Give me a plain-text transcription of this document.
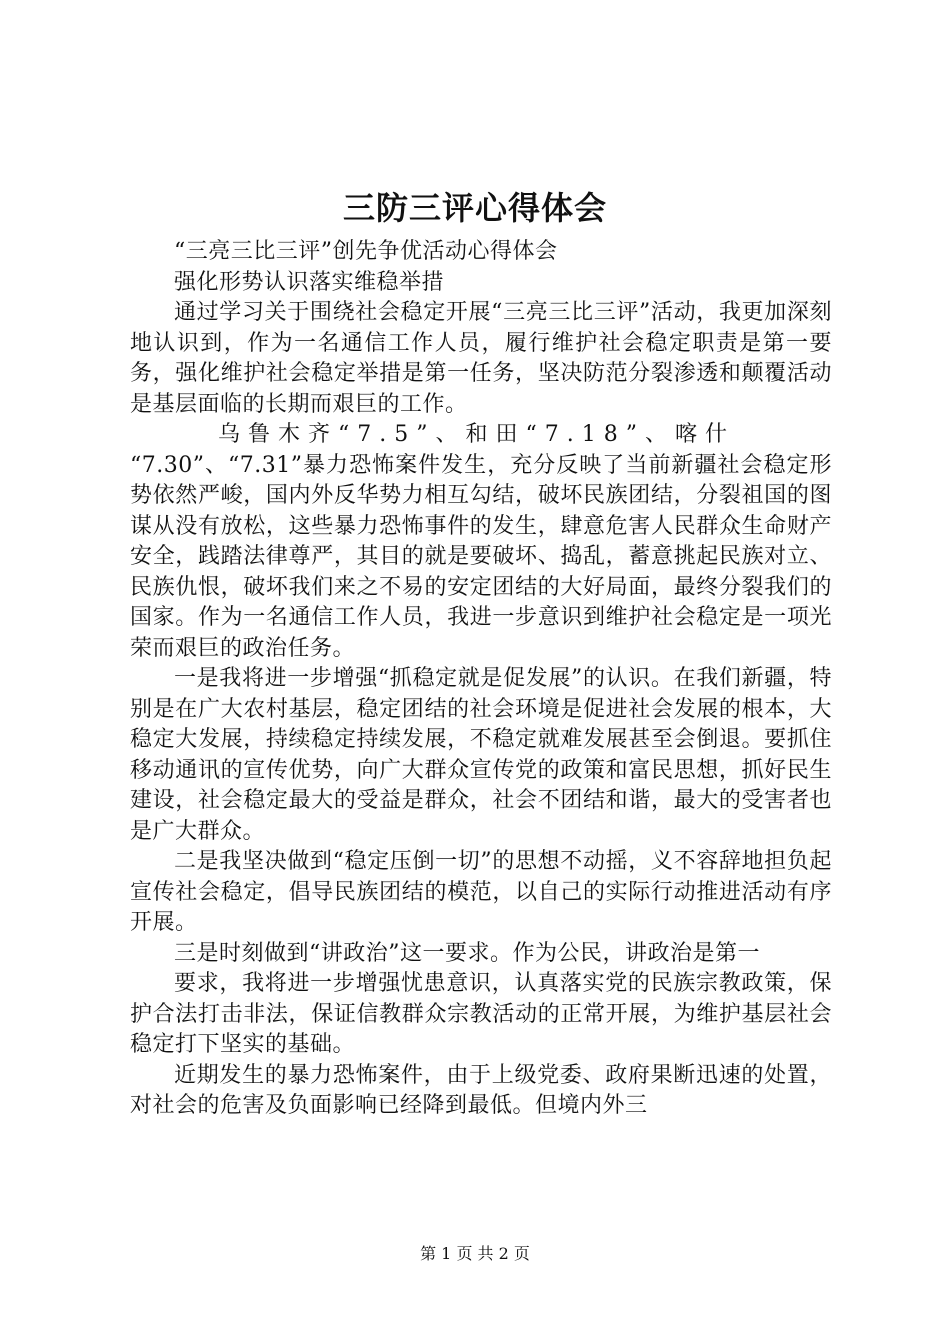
三防三评心得体会

“三亮三比三评”创先争优活动心得体会

强化形势认识落实维稳举措

通过学习关于围绕社会稳定开展“三亮三比三评”活动，我更加深刻地认识到，作为一名通信工作人员，履行维护社会稳定职责是第一要务，强化维护社会稳定举措是第一任务，坚决防范分裂渗透和颠覆活动是基层面临的长期而艰巨的工作。

乌鲁木齐“7.5”、和田“7.18”、喀什

“7.30”、“7.31”暴力恐怖案件发生，充分反映了当前新疆社会稳定形势依然严峻，国内外反华势力相互勾结，破坏民族团结，分裂祖国的图谋从没有放松，这些暴力恐怖事件的发生，肆意危害人民群众生命财产安全，践踏法律尊严，其目的就是要破坏、捣乱，蓄意挑起民族对立、民族仇恨，破坏我们来之不易的安定团结的大好局面，最终分裂我们的国家。作为一名通信工作人员，我进一步意识到维护社会稳定是一项光荣而艰巨的政治任务。

一是我将进一步增强“抓稳定就是促发展”的认识。在我们新疆，特别是在广大农村基层，稳定团结的社会环境是促进社会发展的根本，大稳定大发展，持续稳定持续发展，不稳定就难发展甚至会倒退。要抓住移动通讯的宣传优势，向广大群众宣传党的政策和富民思想，抓好民生建设，社会稳定最大的受益是群众，社会不团结和谐，最大的受害者也是广大群众。

二是我坚决做到“稳定压倒一切”的思想不动摇，义不容辞地担负起宣传社会稳定，倡导民族团结的模范，以自己的实际行动推进活动有序开展。

三是时刻做到“讲政治”这一要求。作为公民，讲政治是第一

要求，我将进一步增强忧患意识，认真落实党的民族宗教政策，保护合法打击非法，保证信教群众宗教活动的正常开展，为维护基层社会稳定打下坚实的基础。

近期发生的暴力恐怖案件，由于上级党委、政府果断迅速的处置，对社会的危害及负面影响已经降到最低。但境内外三

第 1 页 共 2 页
